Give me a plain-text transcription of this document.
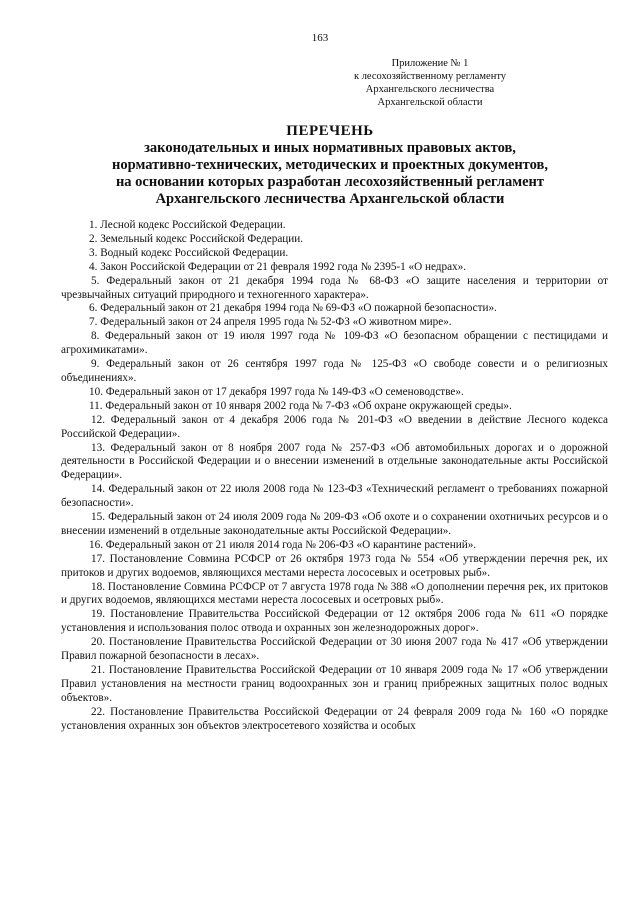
163
Приложение № 1
к лесохозяйственному регламенту
Архангельского лесничества
Архангельской области
ПЕРЕЧЕНЬ
законодательных и иных нормативных правовых актов,
нормативно-технических, методических и проектных документов,
на основании которых разработан лесохозяйственный регламент
Архангельского лесничества Архангельской области

1. Лесной кодекс Российской Федерации.

2. Земельный кодекс Российской Федерации.

3. Водный кодекс Российской Федерации.

4. Закон Российской Федерации от 21 февраля 1992 года № 2395-1 «О недрах».

5. Федеральный закон от 21 декабря 1994 года № 68-ФЗ «О защите населения и территории от чрезвычайных ситуаций природного и техногенного характера».

6. Федеральный закон от 21 декабря 1994 года № 69-ФЗ «О пожарной безопасности».

7. Федеральный закон от 24 апреля 1995 года № 52-ФЗ «О животном мире».

8. Федеральный закон от 19 июля 1997 года № 109-ФЗ «О безопасном обращении с пестицидами и агрохимикатами».

9. Федеральный закон от 26 сентября 1997 года № 125-ФЗ «О свободе совести и о религиозных объединениях».

10. Федеральный закон от 17 декабря 1997 года № 149-ФЗ «О семеноводстве».

11. Федеральный закон от 10 января 2002 года № 7-ФЗ «Об охране окружающей среды».

12. Федеральный закон от 4 декабря 2006 года № 201-ФЗ «О введении в действие Лесного кодекса Российской Федерации».

13. Федеральный закон от 8 ноября 2007 года № 257-ФЗ «Об автомобильных дорогах и о дорожной деятельности в Российской Федерации и о внесении изменений в отдельные законодательные акты Российской Федерации».

14. Федеральный закон от 22 июля 2008 года № 123-ФЗ «Технический регламент о требованиях пожарной безопасности».

15. Федеральный закон от 24 июля 2009 года № 209-ФЗ «Об охоте и о сохранении охотничьих ресурсов и о внесении изменений в отдельные законодательные акты Российской Федерации».

16. Федеральный закон от 21 июля 2014 года № 206-ФЗ «О карантине растений».

17. Постановление Совмина РСФСР от 26 октября 1973 года № 554 «Об утверждении перечня рек, их притоков и других водоемов, являющихся местами нереста лососевых и осетровых рыб».

18. Постановление Совмина РСФСР от 7 августа 1978 года № 388 «О дополнении перечня рек, их притоков и других водоемов, являющихся местами нереста лососевых и осетровых рыб».

19. Постановление Правительства Российской Федерации от 12 октября 2006 года № 611 «О порядке установления и использования полос отвода и охранных зон железнодорожных дорог».

20. Постановление Правительства Российской Федерации от 30 июня 2007 года № 417 «Об утверждении Правил пожарной безопасности в лесах».

21. Постановление Правительства Российской Федерации от 10 января 2009 года № 17 «Об утверждении Правил установления на местности границ водоохранных зон и границ прибрежных защитных полос водных объектов».

22. Постановление Правительства Российской Федерации от 24 февраля 2009 года № 160 «О порядке установления охранных зон объектов электросетевого хозяйства и особых
